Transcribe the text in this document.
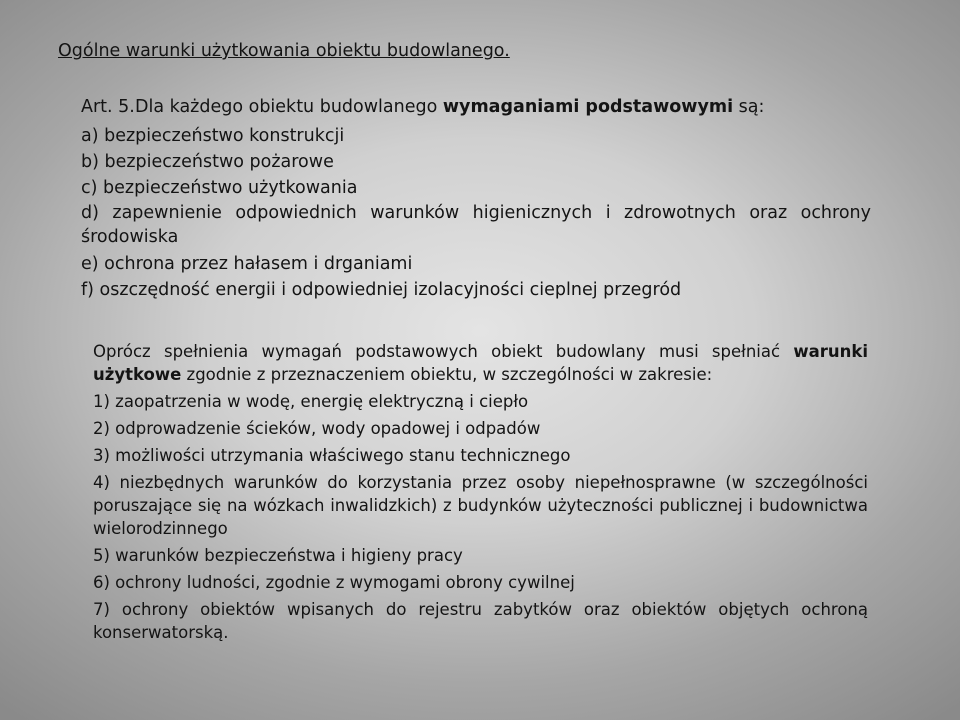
Ogólne warunki użytkowania obiektu budowlanego.
Art. 5. Dla każdego obiektu budowlanego wymaganiami podstawowymi są:
a) bezpieczeństwo konstrukcji
b) bezpieczeństwo pożarowe
c) bezpieczeństwo użytkowania
d) zapewnienie odpowiednich warunków higienicznych i zdrowotnych oraz ochrony środowiska
e) ochrona przez hałasem i drganiami
f) oszczędność energii i odpowiedniej izolacyjności cieplnej przegród

Oprócz spełnienia wymagań podstawowych obiekt budowlany musi spełniać warunki użytkowe zgodnie z przeznaczeniem obiektu, w szczególności w zakresie:

1) zaopatrzenia w wodę, energię elektryczną i ciepło

2) odprowadzenie ścieków, wody opadowej i odpadów

3) możliwości utrzymania właściwego stanu technicznego

4) niezbędnych warunków do korzystania przez osoby niepełnosprawne (w szczególności poruszające się na wózkach inwalidzkich) z budynków użyteczności publicznej i budownictwa wielorodzinnego

5) warunków bezpieczeństwa i higieny pracy

6) ochrony ludności, zgodnie z wymogami obrony cywilnej

7) ochrony obiektów wpisanych do rejestru zabytków oraz obiektów objętych ochroną konserwatorską.
